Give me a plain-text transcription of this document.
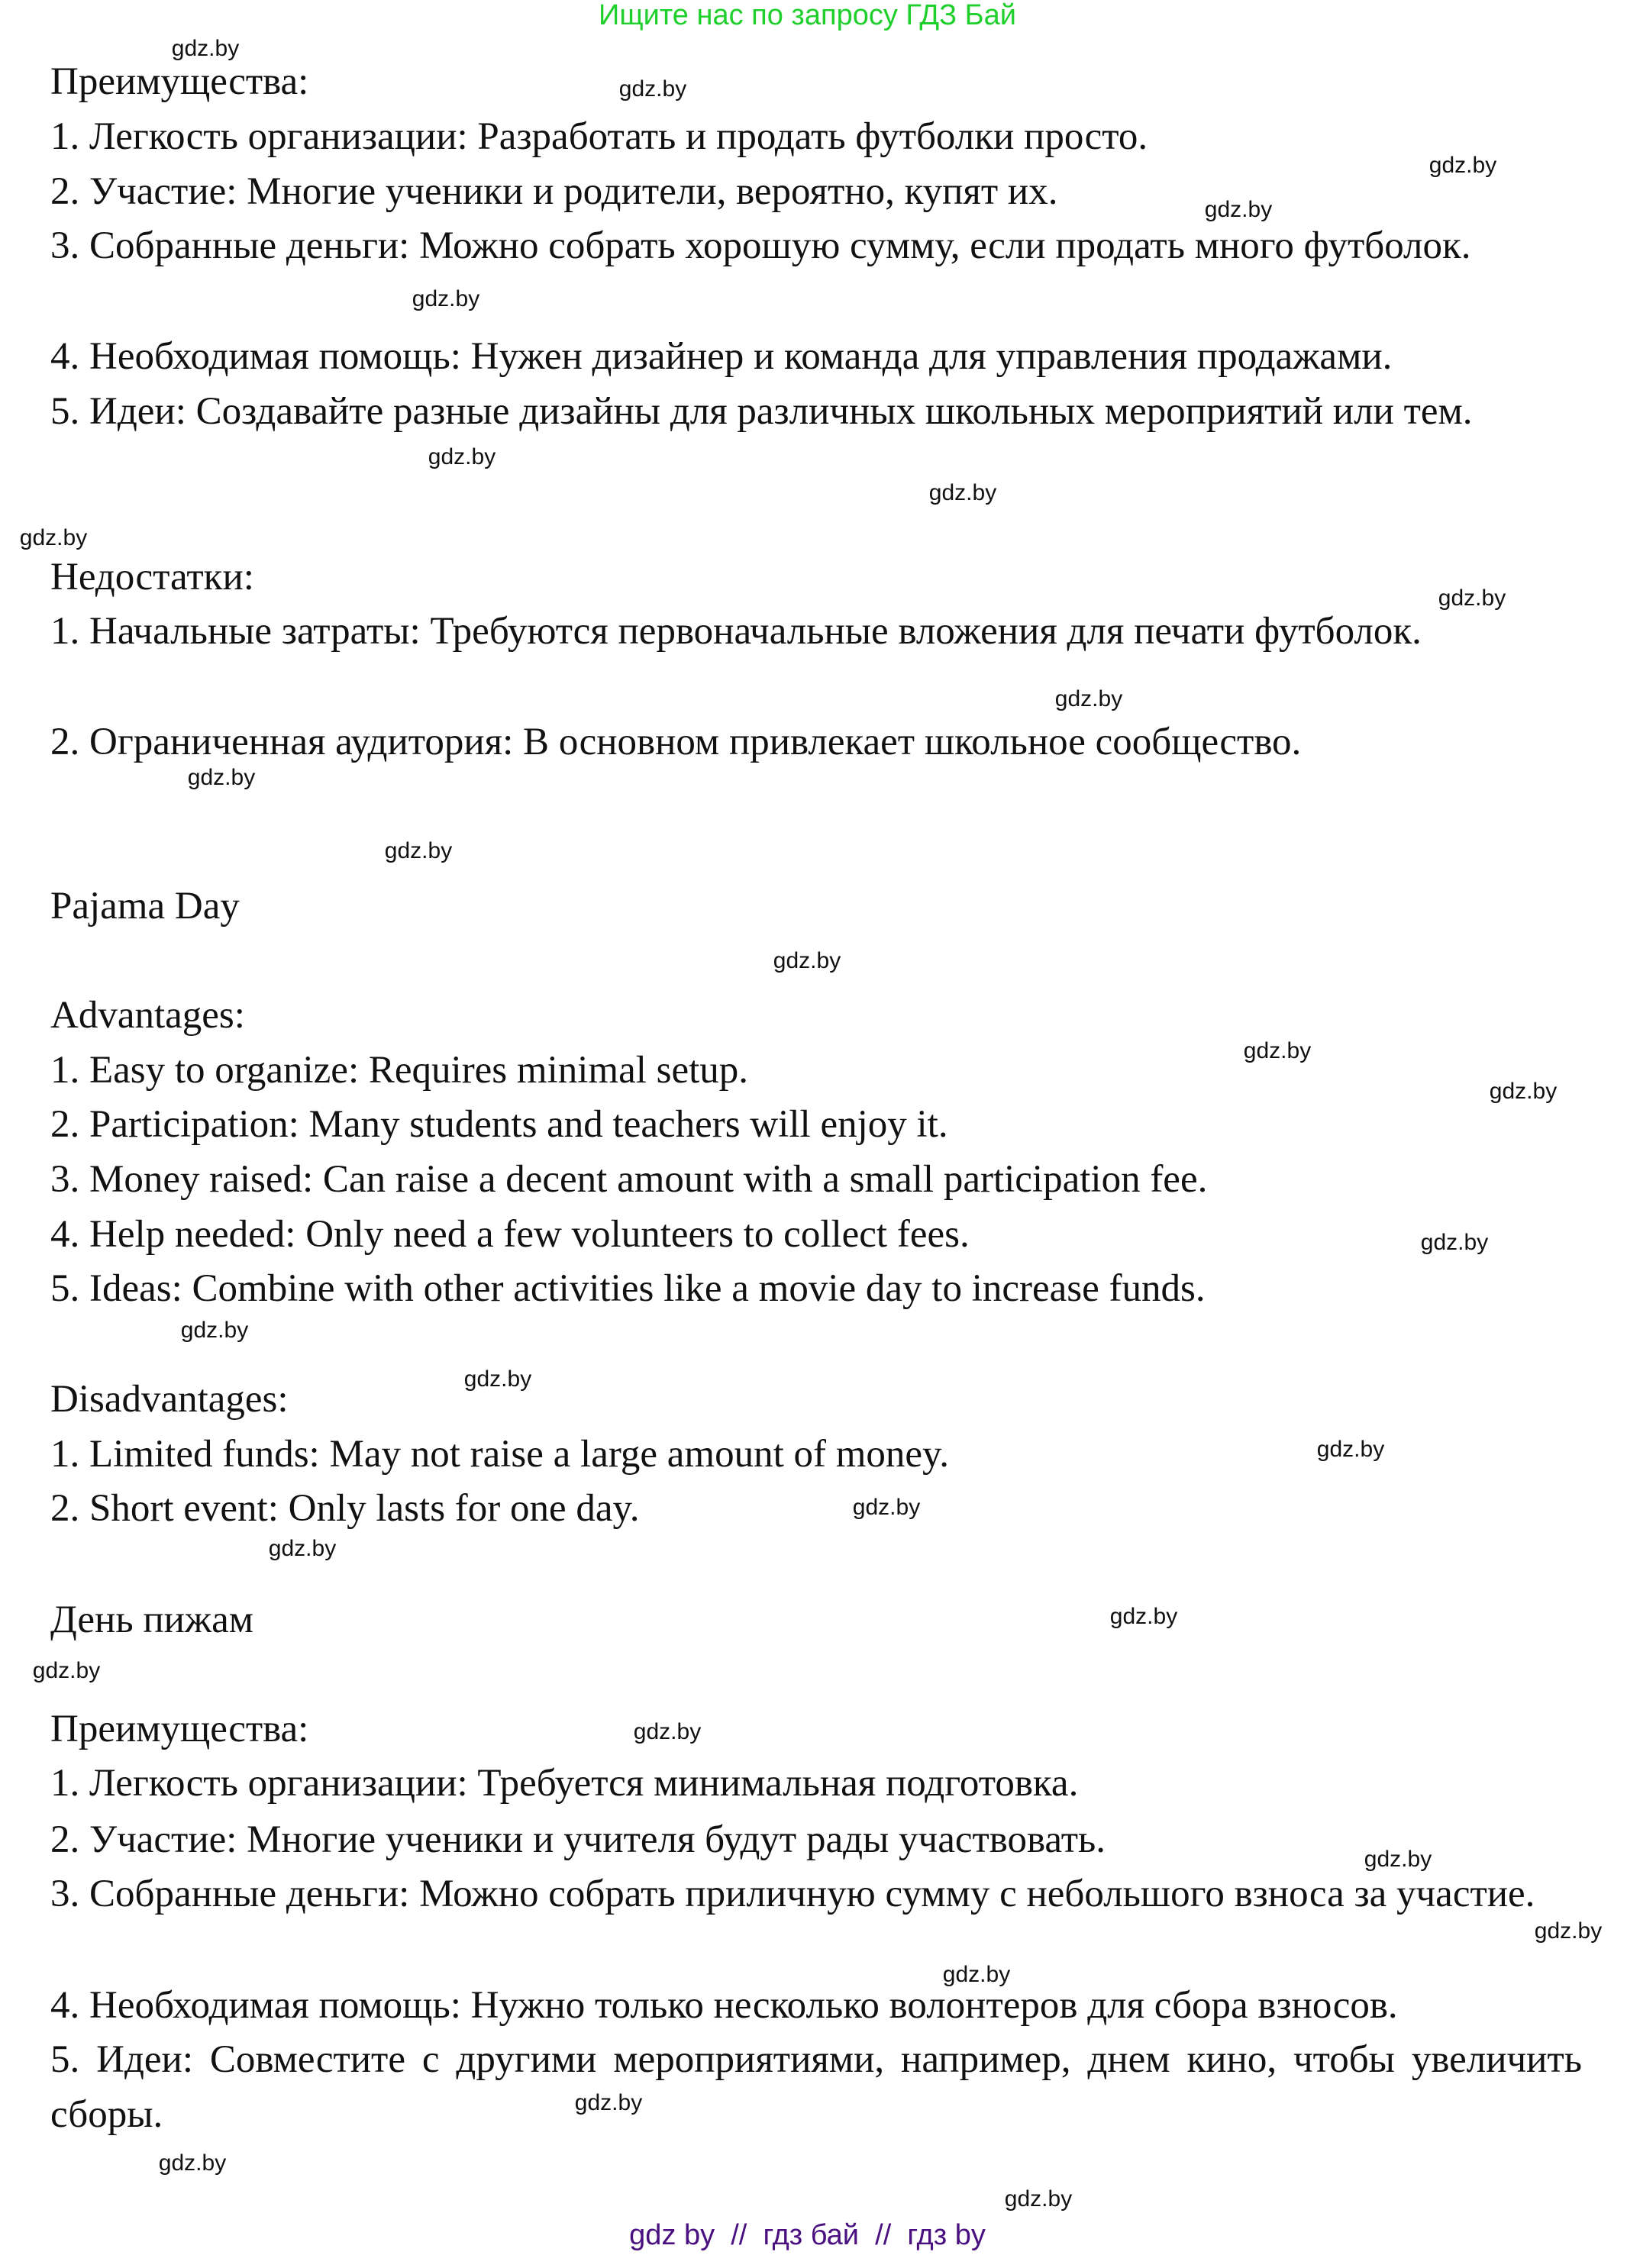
Ищите нас по запросу ГДЗ Бай
Преимущества:
1. Легкость организации: Разработать и продать футболки просто.
2. Участие: Многие ученики и родители, вероятно, купят их.
3. Собранные деньги: Можно собрать хорошую сумму, если продать много футболок.
4. Необходимая помощь: Нужен дизайнер и команда для управления продажами.
5. Идеи: Создавайте разные дизайны для различных школьных мероприятий или тем.
Недостатки:
1. Начальные затраты: Требуются первоначальные вложения для печати футболок.
2. Ограниченная аудитория: В основном привлекает школьное сообщество.
Pajama Day
Advantages:
1. Easy to organize: Requires minimal setup.
2. Participation: Many students and teachers will enjoy it.
3. Money raised: Can raise a decent amount with a small participation fee.
4. Help needed: Only need a few volunteers to collect fees.
5. Ideas: Combine with other activities like a movie day to increase funds.
Disadvantages:
1. Limited funds: May not raise a large amount of money.
2. Short event: Only lasts for one day.
День пижам
Преимущества:
1. Легкость организации: Требуется минимальная подготовка.
2. Участие: Многие ученики и учителя будут рады участвовать.
3. Собранные деньги: Можно собрать приличную сумму с небольшого взноса за участие.
4. Необходимая помощь: Нужно только несколько волонтеров для сбора взносов.
5. Идеи: Совместите с другими мероприятиями, например, днем кино, чтобы увеличить сборы.
gdz.by
gdz.by
gdz.by
gdz.by
gdz.by
gdz.by
gdz.by
gdz.by
gdz.by
gdz.by
gdz.by
gdz.by
gdz.by
gdz.by
gdz.by
gdz.by
gdz.by
gdz.by
gdz.by
gdz.by
gdz.by
gdz.by
gdz.by
gdz.by
gdz.by
gdz.by
gdz.by
gdz.by
gdz.by
gdz.by
gdz by  //  гдз бай  //  гдз by
